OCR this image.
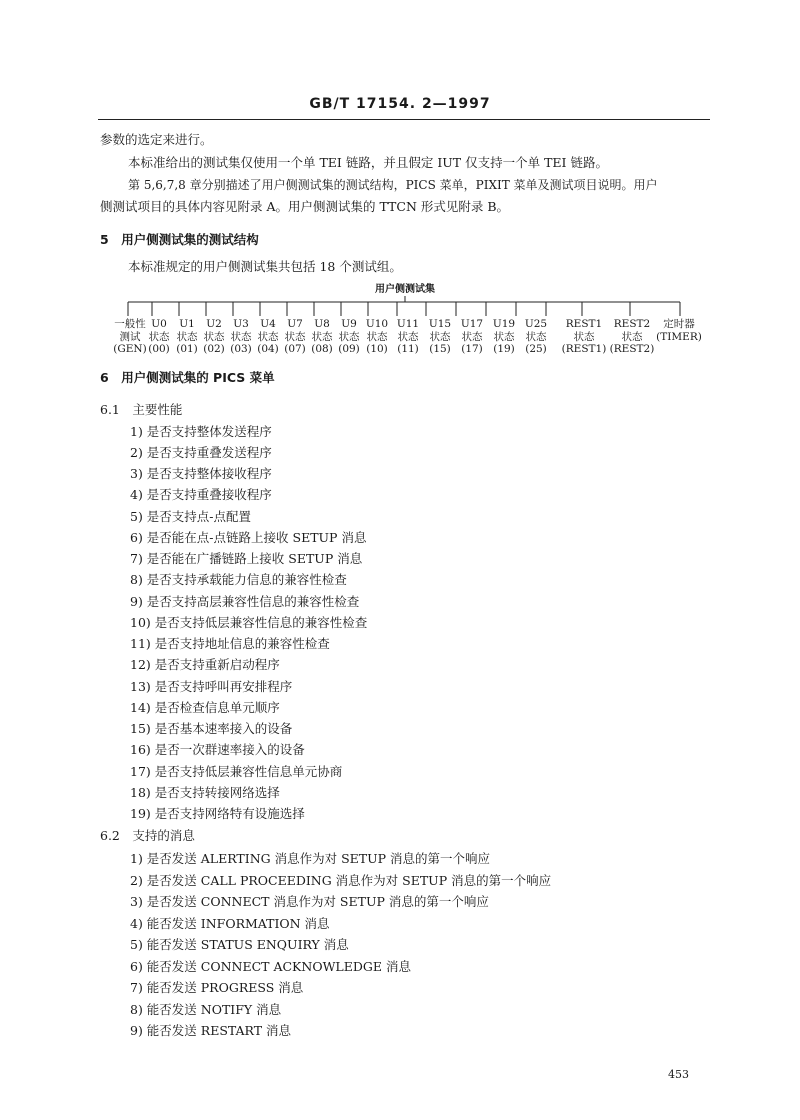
GB/T 17154. 2—1997
参数的选定来进行。
本标准给出的测试集仅使用一个单 TEI 链路，并且假定 IUT 仅支持一个单 TEI 链路。
第 5,6,7,8 章分别描述了用户侧测试集的测试结构，PICS 菜单，PIXIT 菜单及测试项目说明。用户
侧测试项目的具体内容见附录 A。用户侧测试集的 TTCN 形式见附录 B。
5　用户侧测试集的测试结构
本标准规定的用户侧测试集共包括 18 个测试组。
用户侧测试集
一般性
测试
(GEN)
U0
状态
(00)
U1
状态
(01)
U2
状态
(02)
U3
状态
(03)
U4
状态
(04)
U7
状态
(07)
U8
状态
(08)
U9
状态
(09)
U10
状态
(10)
U11
状态
(11)
U15
状态
(15)
U17
状态
(17)
U19
状态
(19)
U25
状态
(25)
REST1
状态
(REST1)
REST2
状态
(REST2)
定时器
(TIMER)
6　用户侧测试集的 PICS 菜单
6.1　主要性能
1) 是否支持整体发送程序
2) 是否支持重叠发送程序
3) 是否支持整体接收程序
4) 是否支持重叠接收程序
5) 是否支持点-点配置
6) 是否能在点-点链路上接收 SETUP 消息
7) 是否能在广播链路上接收 SETUP 消息
8) 是否支持承载能力信息的兼容性检查
9) 是否支持高层兼容性信息的兼容性检查
10) 是否支持低层兼容性信息的兼容性检查
11) 是否支持地址信息的兼容性检查
12) 是否支持重新启动程序
13) 是否支持呼叫再安排程序
14) 是否检查信息单元顺序
15) 是否基本速率接入的设备
16) 是否一次群速率接入的设备
17) 是否支持低层兼容性信息单元协商
18) 是否支持转接网络选择
19) 是否支持网络特有设施选择
6.2　支持的消息
1) 是否发送 ALERTING 消息作为对 SETUP 消息的第一个响应
2) 是否发送 CALL PROCEEDING 消息作为对 SETUP 消息的第一个响应
3) 是否发送 CONNECT 消息作为对 SETUP 消息的第一个响应
4) 能否发送 INFORMATION 消息
5) 能否发送 STATUS ENQUIRY 消息
6) 能否发送 CONNECT ACKNOWLEDGE 消息
7) 能否发送 PROGRESS 消息
8) 能否发送 NOTIFY 消息
9) 能否发送 RESTART 消息
453
